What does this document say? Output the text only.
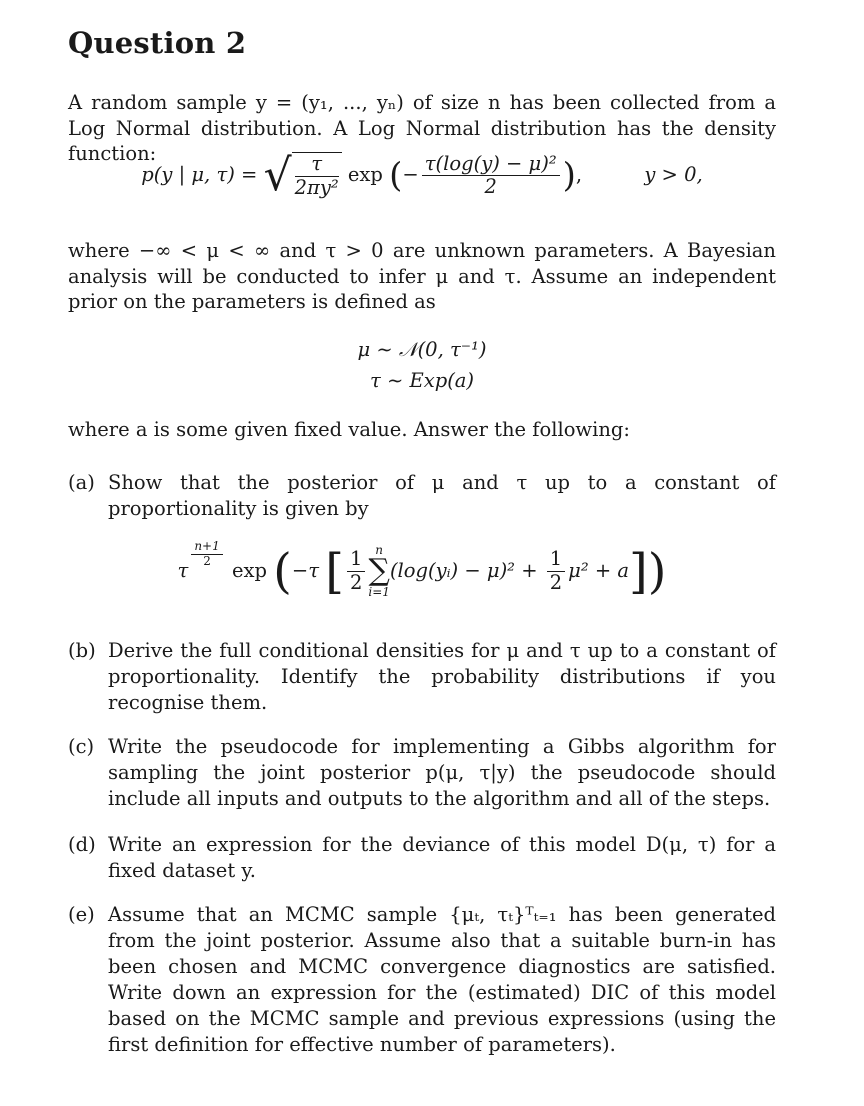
Question 2
A random sample y = (y₁, ..., yₙ) of size n has been collected from a Log Normal distribution. A Log Normal distribution has the density function:
p(y | μ, τ) = √ $\frac{\tau}{\text{2πy²}}$ exp (− $\frac{\text{τ(log(y) − μ)²}}{2}$ ),	y > 0,
where −∞ < μ < ∞ and τ > 0 are unknown parameters. A Bayesian analysis will be conducted to infer μ and τ. Assume an independent prior on the parameters is defined as
μ ∼ 𝒩(0, τ⁻¹)
τ ∼ Exp(a)
where a is some given fixed value. Answer the following:
(a) Show that the posterior of μ and τ up to a constant of proportionality is given by
τ
$\frac{n+1}{2}$
exp (−τ [ $\frac{1}{2}$ n
∑
i=1
(log(yᵢ) − $\mu)^2 + \frac{1}{2} \mu^2 + a$])
(b) Derive the full conditional densities for μ and τ up to a constant of proportionality. Identify the probability distributions if you recognise them.
(c) Write the pseudocode for implementing a Gibbs algorithm for sampling the joint posterior p(μ, τ|y) the pseudocode should include all inputs and outputs to the algorithm and all of the steps.
(d) Write an expression for the deviance of this model D(μ, τ) for a fixed dataset y.
(e) Assume that an MCMC sample {μₜ, τₜ}ᵀₜ₌₁ has been generated from the joint posterior. Assume also that a suitable burn-in has been chosen and MCMC convergence diagnostics are satisfied. Write down an expression for the (estimated) DIC of this model based on the MCMC sample and previous expressions (using the first definition for effective number of parameters).
